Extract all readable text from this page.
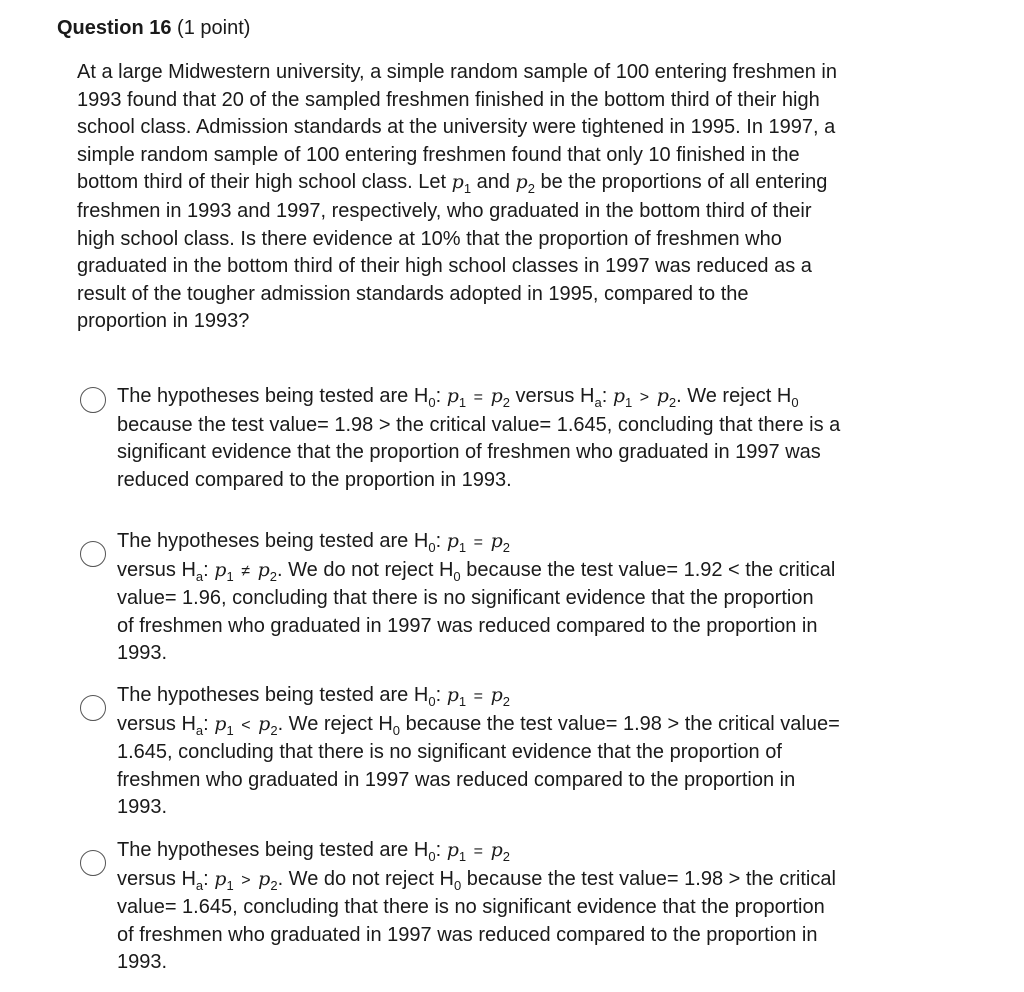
Question 16 (1 point)
At a large Midwestern university, a simple random sample of 100 entering freshmen in
1993 found that 20 of the sampled freshmen finished in the bottom third of their high
school class. Admission standards at the university were tightened in 1995. In 1997, a
simple random sample of 100 entering freshmen found that only 10 finished in the
bottom third of their high school class. Let $p_1$ and $p_2$ be the proportions of all entering
freshmen in 1993 and 1997, respectively, who graduated in the bottom third of their
high school class. Is there evidence at 10% that the proportion of freshmen who
graduated in the bottom third of their high school classes in 1997 was reduced as a
result of the tougher admission standards adopted in 1995, compared to the
proportion in 1993?
The hypotheses being tested are $H_0$: $p_1 = p_2$ versus $H_a$: $p_1 > p_2$. We reject $H_0$
because the test value= 1.98 > the critical value= 1.645, concluding that there is a
significant evidence that the proportion of freshmen who graduated in 1997 was
reduced compared to the proportion in 1993.
The hypotheses being tested are $H_0$: $p_1 = p_2$
versus $H_a$: $p_1 \ne p_2$. We do not reject $H_0$ because the test value= 1.92 < the critical
value= 1.96, concluding that there is no significant evidence that the proportion
of freshmen who graduated in 1997 was reduced compared to the proportion in
1993.
The hypotheses being tested are $H_0$: $p_1 = p_2$
versus $H_a$: $p_1 < p_2$. We reject $H_0$ because the test value= 1.98 > the critical value=
1.645, concluding that there is no significant evidence that the proportion of
freshmen who graduated in 1997 was reduced compared to the proportion in
1993.
The hypotheses being tested are $H_0$: $p_1 = p_2$
versus $H_a$: $p_1 > p_2$. We do not reject $H_0$ because the test value= 1.98 > the critical
value= 1.645, concluding that there is no significant evidence that the proportion
of freshmen who graduated in 1997 was reduced compared to the proportion in
1993.
